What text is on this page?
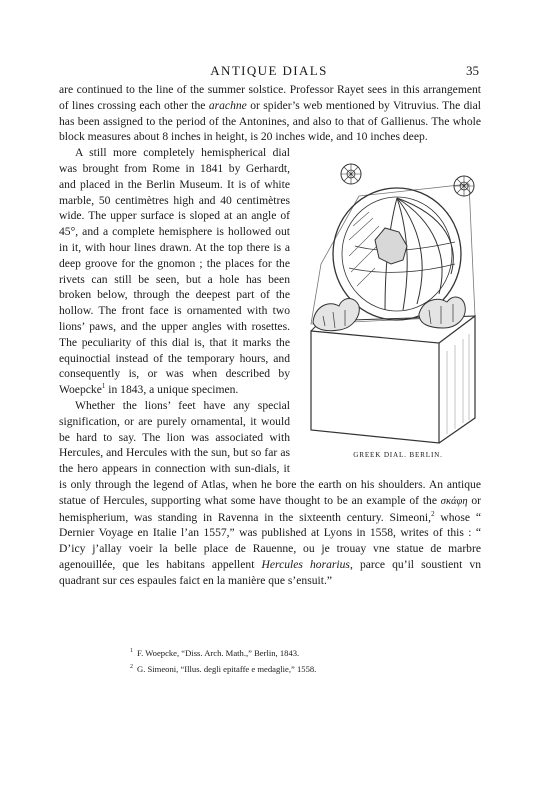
ANTIQUE DIALS	35

are continued to the line of the summer solstice. Professor Rayet sees in this arrangement of lines crossing each other the arachne or spider’s web mentioned by Vitruvius. The dial has been assigned to the period of the Antonines, and also to that of Gallienus. The whole block measures about 8 inches in height, is 20 inches wide, and 10 inches deep.

GREEK DIAL. BERLIN.
A still more completely hemispherical dial was brought from Rome in 1841 by Gerhardt, and placed in the Berlin Museum. It is of white marble, 50 centimètres high and 40 centimètres wide. The upper surface is sloped at an angle of 45°, and a complete hemisphere is hollowed out in it, with hour lines drawn. At the top there is a deep groove for the gnomon ; the places for the rivets can still be seen, but a hole has been broken below, through the deepest part of the hollow. The front face is ornamented with two lions’ paws, and the upper angles with rosettes. The peculiarity of this dial is, that it marks the equinoctial instead of the temporary hours, and consequently is, or was when described by Woepcke$^1$ in 1843, a unique specimen.

Whether the lions’ feet have any special signification, or are purely ornamental, it would be hard to say. The lion was associated with Hercules, and Hercules with the sun, but so far as the hero appears in connection with sun-dials, it is only through the legend of Atlas, when he bore the earth on his shoulders. An antique statue of Hercules, supporting what some have thought to be an example of the σκάφη or hemispherium, was standing in Ravenna in the sixteenth century. Simeoni,$^2$ whose “ Dernier Voyage en Italie l’an 1557,” was published at Lyons in 1558, writes of this : “ D’icy j’allay voeir la belle place de Rauenne, ou je trouay vne statue de marbre agenouillée, que les habitans appellent Hercules horarius, parce qu’il soustient vn quadrant sur ces espaules faict en la manière que s’ensuit.”

$^1$ F. Woepcke, “Diss. Arch. Math.,” Berlin, 1843.
$^2$ G. Simeoni, “Illus. degli epitaffe e medaglie,” 1558.
